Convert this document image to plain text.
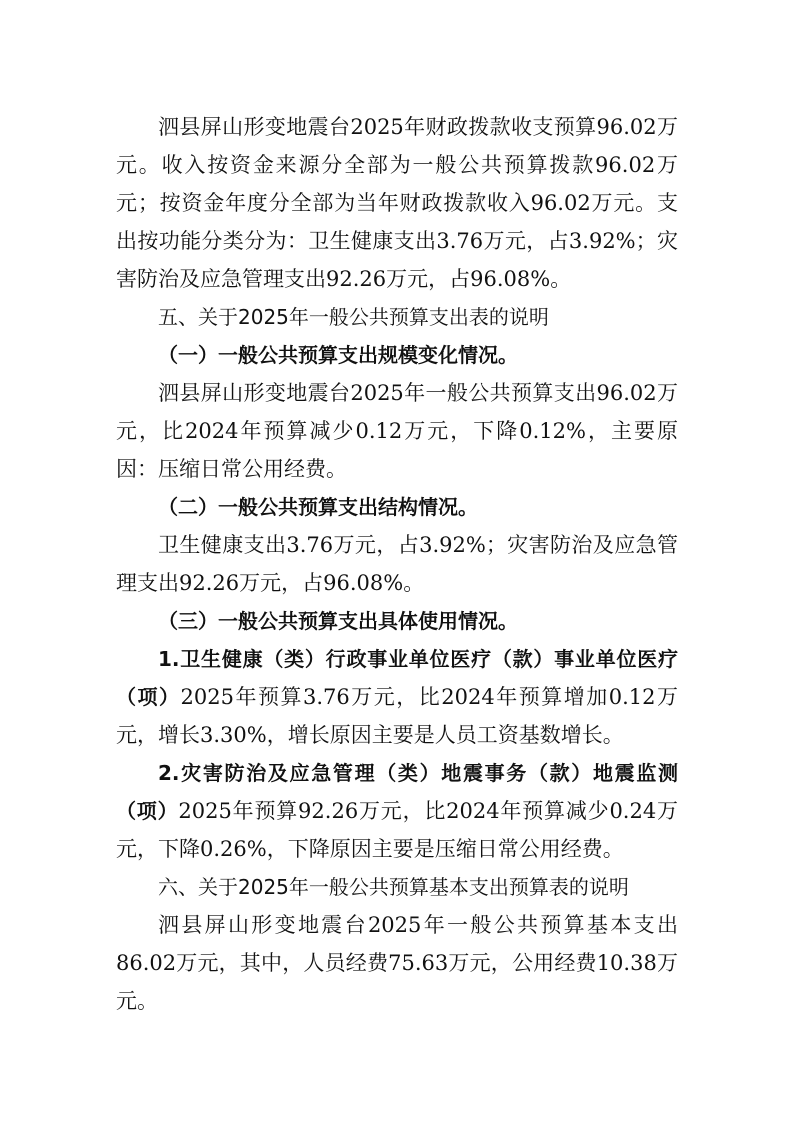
泗县屏山形变地震台2025年财政拨款收支预算96.02万元。收入按资金来源分全部为一般公共预算拨款96.02万元；按资金年度分全部为当年财政拨款收入96.02万元。支出按功能分类分为：卫生健康支出3.76万元，占3.92%；灾害防治及应急管理支出92.26万元，占96.08%。

五、关于2025年一般公共预算支出表的说明

（一）一般公共预算支出规模变化情况。

泗县屏山形变地震台2025年一般公共预算支出96.02万元，比2024年预算减少0.12万元，下降0.12%，主要原因：压缩日常公用经费。

（二）一般公共预算支出结构情况。

卫生健康支出3.76万元，占3.92%；灾害防治及应急管理支出92.26万元，占96.08%。

（三）一般公共预算支出具体使用情况。

1.卫生健康（类）行政事业单位医疗（款）事业单位医疗（项）2025年预算3.76万元，比2024年预算增加0.12万元，增长3.30%，增长原因主要是人员工资基数增长。

2.灾害防治及应急管理（类）地震事务（款）地震监测（项）2025年预算92.26万元，比2024年预算减少0.24万元，下降0.26%，下降原因主要是压缩日常公用经费。

六、关于2025年一般公共预算基本支出预算表的说明

泗县屏山形变地震台2025年一般公共预算基本支出86.02万元，其中，人员经费75.63万元，公用经费10.38万元。
